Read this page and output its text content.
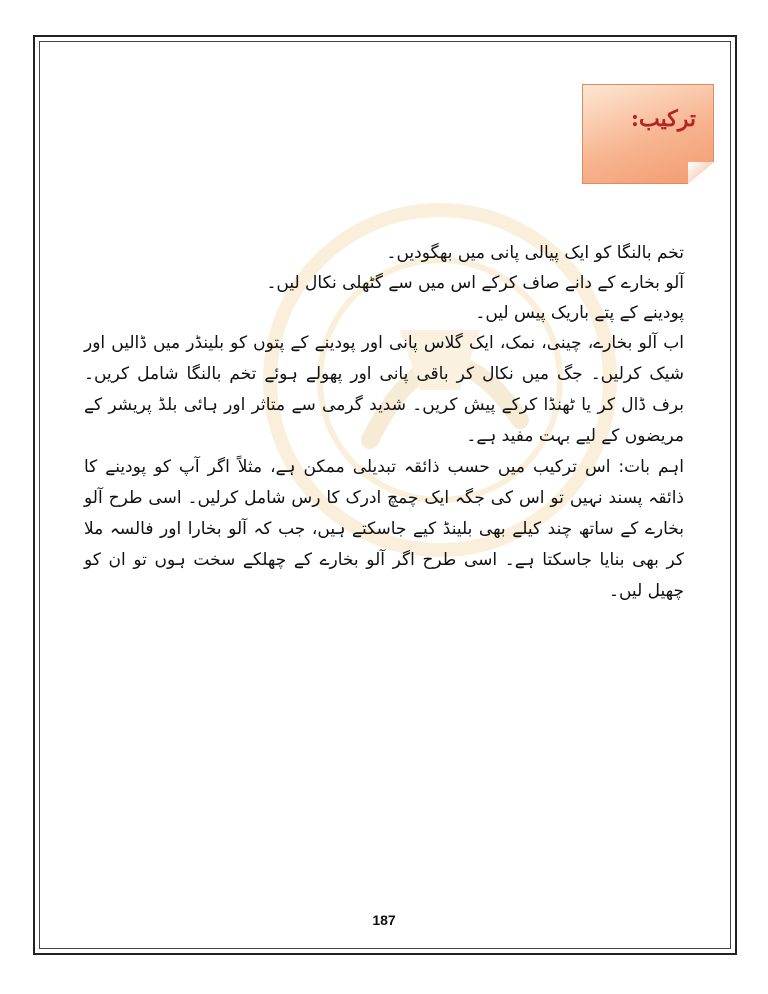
ترکیب:

تخم بالنگا کو ایک پیالی پانی میں بھگودیں۔

آلو بخارے کے دانے صاف کرکے اس میں سے گٹھلی نکال لیں۔

پودینے کے پتے باریک پیس لیں۔

اب آلو بخارے، چینی، نمک، ایک گلاس پانی اور پودینے کے پتوں کو بلینڈر میں ڈالیں اور شیک کرلیں۔ جگ میں نکال کر باقی پانی اور پھولے ہوئے تخم بالنگا شامل کریں۔ برف ڈال کر یا ٹھنڈا کرکے پیش کریں۔ شدید گرمی سے متاثر اور ہائی بلڈ پریشر کے مریضوں کے لیے بہت مفید ہے۔

اہم بات: اس ترکیب میں حسب ذائقہ تبدیلی ممکن ہے، مثلاً اگر آپ کو پودینے کا ذائقہ پسند نہیں تو اس کی جگہ ایک چمچ ادرک کا رس شامل کرلیں۔ اسی طرح آلو بخارے کے ساتھ چند کیلے بھی بلینڈ کیے جاسکتے ہیں، جب کہ آلو بخارا اور فالسہ ملا کر بھی بنایا جاسکتا ہے۔ اسی طرح اگر آلو بخارے کے چھلکے سخت ہوں تو ان کو چھیل لیں۔

187
